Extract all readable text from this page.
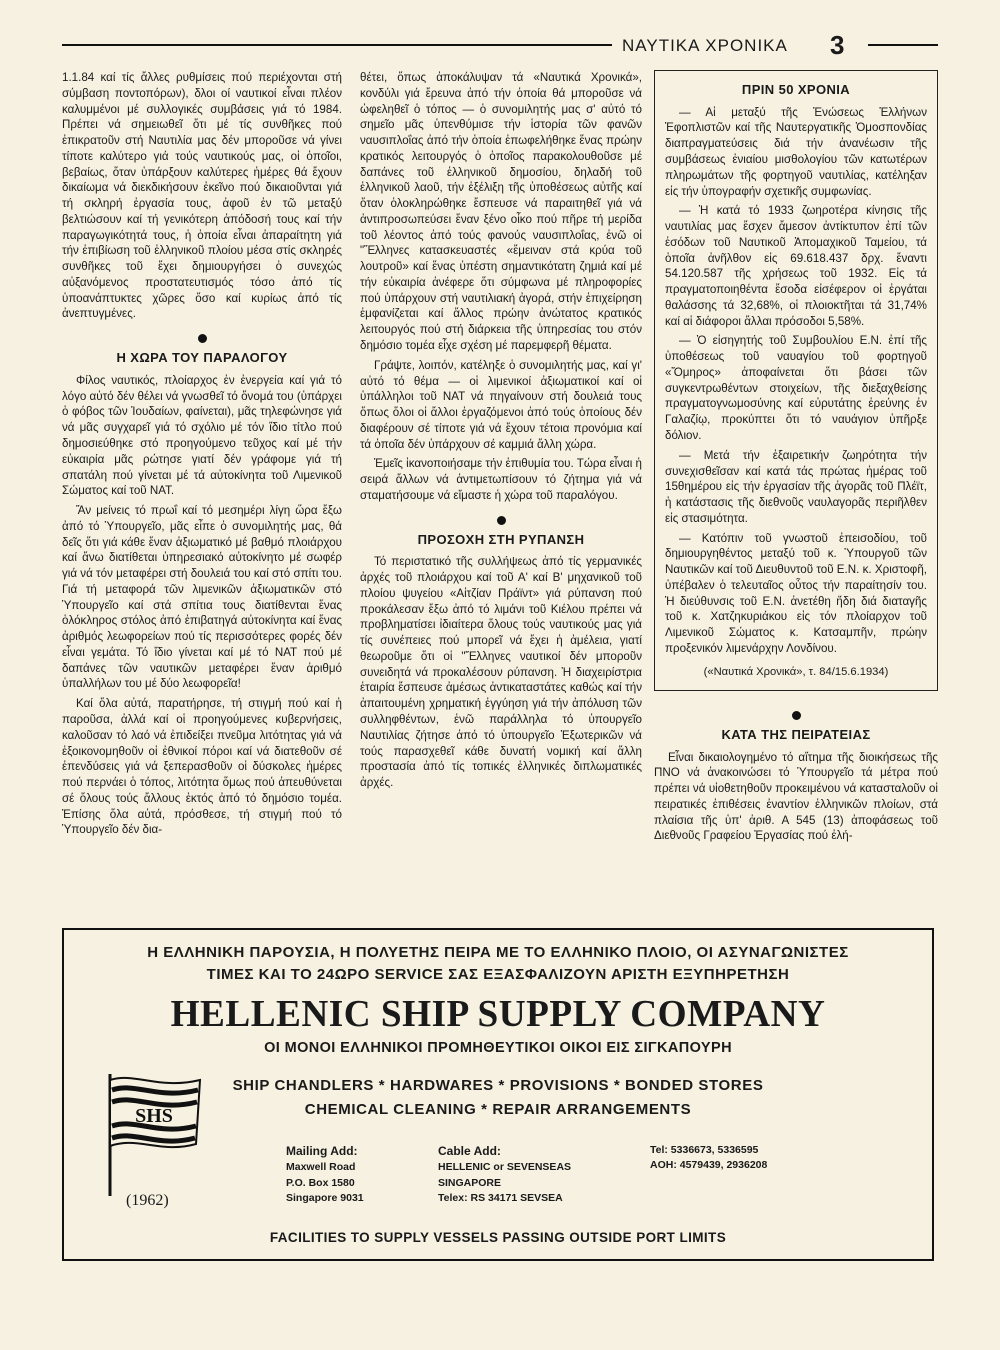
ΝΑΥΤΙΚΑ ΧΡΟΝΙΚΑ 3

1.1.84 καί τίς ἄλλες ρυθμίσεις πού περιέχονται στή σύμβαση ποντοπόρων), δλοι οί ναυτικοί εἶναι πλέον καλυμμένοι μέ συλλογικές συμβάσεις γιά τό 1984. Πρέπει νά σημειωθεῖ ὅτι μέ τίς συνθῆκες πού ἐπικρατοῦν στή Ναυτιλία μας δέν μποροῦσε νά γίνει τίποτε καλύτερο γιά τούς ναυτικούς μας, οἱ ὁποῖοι, βεβαίως, ὅταν ὑπάρξουν καλύτερες ἡμέρες θά ἔχουν δικαίωμα νά διεκδικήσουν ἐκεῖνο πού δικαιοῦνται γιά τή σκληρή ἐργασία τους, ἀφοῦ ἐν τῶ μεταξύ βελτιώσουν καί τή γενικότερη ἀπόδοσή τους καί τήν παραγωγικότητά τους, ἡ ὁποία εἶναι ἀπαραίτητη γιά τήν ἐπιβίωση τοῦ ἑλληνικοῦ πλοίου μέσα στίς σκληρές συνθῆκες τοῦ ἔχει δημιουργήσει ὁ συνεχώς αὐξανόμενος προστατευτισμός τόσο ἀπό τίς ὑποανάπτυκτες χῶρες ὅσο καί κυρίως ἀπό τίς ἀνεπτυγμένες.

Η ΧΩΡΑ ΤΟΥ ΠΑΡΑΛΟΓΟΥ

Φίλος ναυτικός, πλοίαρχος ἐν ἐνεργεία καί γιά τό λόγο αὐτό δέν θέλει νά γνωσθεῖ τό ὄνομά του (ὑπάρχει ὁ φόβος τῶν Ἰουδαίων, φαίνεται), μᾶς τηλεφώνησε γιά νά μᾶς συγχαρεῖ γιά τό σχόλιο μέ τόν ἴδιο τίτλο πού δημοσιεύθηκε στό προηγούμενο τεῦχος καί μέ τήν εὐκαιρία μᾶς ρώτησε γιατί δέν γράφομε γιά τή σπατάλη πού γίνεται μέ τά αὐτοκίνητα τοῦ Λιμενικοῦ Σώματος καί τοῦ ΝΑΤ.

Ἄν μείνεις τό πρωΐ καί τό μεσημέρι λίγη ὥρα ἔξω ἀπό τό Ὑπουργεῖο, μᾶς εἶπε ὁ συνομιλητής μας, θά δεῖς ὅτι γιά κάθε ἕναν ἀξιωματικό μέ βαθμό πλοιάρχου καί ἄνω διατίθεται ὑπηρεσιακό αὐτοκίνητο μέ σωφέρ γιά νά τόν μεταφέρει στή δουλειά του καί στό σπίτι του. Γιά τή μεταφορά τῶν λιμενικῶν ἀξιωματικῶν στό Ὑπουργεῖο καί στά σπίτια τους διατίθενται ἕνας ὁλόκληρος στόλος ἀπό ἐπιβατηγά αὐτοκίνητα καί ἕνας ἀριθμός λεωφορείων πού τίς περισσότερες φορές δέν εἶναι γεμάτα. Τό ἴδιο γίνεται καί μέ τό ΝΑΤ πού μέ δαπάνες τῶν ναυτικῶν μεταφέρει ἕναν ἀριθμό ὑπαλλήλων του μέ δύο λεωφορεῖα!

Καί ὅλα αὐτά, παρατήρησε, τή στιγμή πού καί ἡ παροῦσα, ἀλλά καί οἱ προηγούμενες κυβερνήσεις, καλοῦσαν τό λαό νά ἐπιδείξει πνεῦμα λιτότητας γιά νά ἐξοικονομηθοῦν οἱ ἐθνικοί πόροι καί νά διατεθοῦν σέ ἐπενδύσεις γιά νά ξεπερασθοῦν οἱ δύσκολες ἡμέρες πού περνάει ὁ τόπος, λιτότητα ὅμως πού ἀπευθύνεται σέ ὅλους τούς ἄλλους ἐκτός ἀπό τό δημόσιο τομέα. Ἐπίσης ὅλα αὐτά, πρόσθεσε, τή στιγμή πού τό Ὑπουργεῖο δέν δια-

θέτει, ὅπως ἀποκάλυψαν τά «Ναυτικά Χρονικά», κονδύλι γιά ἔρευνα ἀπό τήν ὁποία θά μποροῦσε νά ὠφεληθεῖ ὁ τόπος — ὁ συνομιλητής μας σ' αὐτό τό σημεῖο μᾶς ὑπενθύμισε τήν ἱστορία τῶν φανῶν ναυσιπλοΐας ἀπό τήν ὁποία ἐπωφελήθηκε ἕνας πρώην κρατικός λειτουργός ὁ ὁποῖος παρακολουθοῦσε μέ δαπάνες τοῦ ἑλληνικοῦ δημοσίου, δηλαδή τοῦ ἑλληνικοῦ λαοῦ, τήν ἐξέλιξη τῆς ὑποθέσεως αὐτῆς καί ὅταν ὁλοκληρώθηκε ἔσπευσε νά παραιτηθεῖ γιά νά ἀντιπροσωπεύσει ἕναν ξένο οἶκο πού πῆρε τή μερίδα τοῦ λέοντος ἀπό τούς φανούς ναυσιπλοΐας, ἐνῶ οἱ "Ἕλληνες κατασκευαστές «ἔμειναν στά κρύα τοῦ λουτροῦ» καί ἕνας ὑπέστη σημαντικότατη ζημιά καί μέ τήν εὐκαιρία ἀνέφερε ὅτι σύμφωνα μέ πληροφορίες πού ὑπάρχουν στή ναυτιλιακή ἀγορά, στήν ἐπιχείρηση ἐμφανίζεται καί ἄλλος πρώην ἀνώτατος κρατικός λειτουργός πού στή διάρκεια τῆς ὑπηρεσίας του στόν δημόσιο τομέα εἶχε σχέση μέ παρεμφερῆ θέματα.

Γράψτε, λοιπόν, κατέληξε ὁ συνομιλητής μας, καί γι' αὐτό τό θέμα — οἱ λιμενικοί ἀξιωματικοί καί οἱ ὑπάλληλοι τοῦ ΝΑΤ νά πηγαίνουν στή δουλειά τους ὅπως ὅλοι οἱ ἄλλοι ἐργαζόμενοι ἀπό τούς ὁποίους δέν διαφέρουν σέ τίποτε γιά νά ἔχουν τέτοια προνόμια καί τά ὁποῖα δέν ὑπάρχουν σέ καμμιά ἄλλη χώρα.

Ἐμεῖς ἱκανοποιήσαμε τήν ἐπιθυμία του. Τώρα εἶναι ἡ σειρά ἄλλων νά ἀντιμετωπίσουν τό ζήτημα γιά νά σταματήσουμε νά εἴμαστε ἡ χώρα τοῦ παραλόγου.

ΠΡΟΣΟΧΗ ΣΤΗ ΡΥΠΑΝΣΗ

Τό περιστατικό τῆς συλλήψεως ἀπό τίς γερμανικές ἀρχές τοῦ πλοιάρχου καί τοῦ Α' καί Β' μηχανικοῦ τοῦ πλοίου ψυγείου «Αἰτζίαν Πράϊντ» γιά ρύπανση πού προκάλεσαν ἔξω ἀπό τό λιμάνι τοῦ Κιέλου πρέπει νά προβληματίσει ἰδιαίτερα ὅλους τούς ναυτικούς μας γιά τίς συνέπειες πού μπορεῖ νά ἔχει ἡ ἀμέλεια, γιατί θεωροῦμε ὅτι οἱ "Ἕλληνες ναυτικοί δέν μποροῦν συνειδητά νά προκαλέσουν ρύπανση. Ἡ διαχειρίστρια ἑταιρία ἔσπευσε ἀμέσως ἀντικαταστάτες καθώς καί τήν ἀπαιτουμένη χρηματική ἐγγύηση γιά τήν ἀπόλυση τῶν συλληφθέντων, ἐνῶ παράλληλα τό ὑπουργεῖο Ναυτιλίας ζήτησε ἀπό τό ὑπουργεῖο Ἐξωτερικῶν νά τούς παρασχεθεῖ κάθε δυνατή νομική καί ἄλλη προστασία ἀπό τίς τοπικές ἑλληνικές διπλωματικές ἀρχές.

ΠΡΙΝ 50 ΧΡΟΝΙΑ

— Αἱ μεταξύ τῆς Ἑνώσεως Ἑλλήνων Ἐφοπλιστῶν καί τῆς Ναυτεργατικῆς Ὁμοσπονδίας διαπραγματεύσεις διά τήν ἀνανέωσιν τῆς συμβάσεως ἐνιαίου μισθολογίου τῶν κατωτέρων πληρωμάτων τῆς φορτηγοῦ ναυτιλίας, κατέληξαν εἰς τήν ὑπογραφήν σχετικῆς συμφωνίας.

— Ἡ κατά τό 1933 ζωηροτέρα κίνησις τῆς ναυτιλίας μας ἔσχεν ἄμεσον ἀντίκτυπον ἐπί τῶν ἐσόδων τοῦ Ναυτικοῦ Ἀπομαχικοῦ Ταμείου, τά ὁποῖα ἀνῆλθον εἰς 69.618.437 δρχ. ἔναντι 54.120.587 τῆς χρήσεως τοῦ 1932. Εἰς τά πραγματοποιηθέντα ἔσοδα εἰσέφερον οἱ ἐργάται θαλάσσης τά 32,68%, οἱ πλοιοκτῆται τά 31,74% καί αἱ διάφοροι ἄλλαι πρόσοδοι 5,58%.

— Ὁ εἰσηγητής τοῦ Συμβουλίου Ε.Ν. ἐπί τῆς ὑποθέσεως τοῦ ναυαγίου τοῦ φορτηγοῦ «Ὅμηρος» ἀποφαίνεται ὅτι βάσει τῶν συγκεντρωθέντων στοιχείων, τῆς διεξαχθείσης πραγματογνωμοσύνης καί εὐρυτάτης ἐρεύνης ἐν Γαλαζίῳ, προκύπτει ὅτι τό ναυάγιον ὑπῆρξε δόλιον.

— Μετά τήν ἐξαιρετικήν ζωηρότητα τήν συνεχισθεῖσαν καί κατά τάς πρώτας ἡμέρας τοῦ 15θημέρου εἰς τήν ἐργασίαν τῆς ἀγορᾶς τοῦ Πλέϊτ, ἡ κατάστασις τῆς διεθνοῦς ναυλαγορᾶς περιῆλθεν εἰς στασιμότητα.

— Κατόπιν τοῦ γνωστοῦ ἐπεισοδίου, τοῦ δημιουργηθέντος μεταξύ τοῦ κ. Ὑπουργοῦ τῶν Ναυτικῶν καί τοῦ Διευθυντοῦ τοῦ Ε.Ν. κ. Χριστοφῆ, ὑπέβαλεν ὁ τελευταῖος οὗτος τήν παραίτησίν του. Ἡ διεύθυνσις τοῦ Ε.Ν. ἀνετέθη ἤδη διά διαταγῆς τοῦ κ. Χατζηκυριάκου εἰς τόν πλοίαρχον τοῦ Λιμενικοῦ Σώματος κ. Κατσαμπῆν, πρώην προξενικόν λιμενάρχην Λονδίνου.

(«Ναυτικά Χρονικά», τ. 84/15.6.1934)
ΚΑΤΑ ΤΗΣ ΠΕΙΡΑΤΕΙΑΣ

Εἶναι δικαιολογημένο τό αἴτημα τῆς διοικήσεως τῆς ΠΝΟ νά ἀνακοινώσει τό Ὑπουργεῖο τά μέτρα πού πρέπει νά υἱοθετηθοῦν προκειμένου νά κατασταλοῦν οἱ πειρατικές ἐπιθέσεις ἐναντίον ἑλληνικῶν πλοίων, στά πλαίσια τῆς ὑπ' ἀριθ. Α 545 (13) ἀποφάσεως τοῦ Διεθνοῦς Γραφείου Ἐργασίας πού ἐλή-

Η ΕΛΛΗΝΙΚΗ ΠΑΡΟΥΣΙΑ, Η ΠΟΛΥΕΤΗΣ ΠΕΙΡΑ ΜΕ ΤΟ ΕΛΛΗΝΙΚΟ ΠΛΟΙΟ, ΟΙ ΑΣΥΝΑΓΩΝΙΣΤΕΣ
ΤΙΜΕΣ ΚΑΙ ΤΟ 24ΩΡΟ SERVICE ΣΑΣ ΕΞΑΣΦΑΛΙΖΟΥΝ ΑΡΙΣΤΗ ΕΞΥΠΗΡΕΤΗΣΗ
HELLENIC SHIP SUPPLY COMPANY
ΟΙ ΜΟΝΟΙ ΕΛΛΗΝΙΚΟΙ ΠΡΟΜΗΘΕΥΤΙΚΟΙ ΟΙΚΟΙ ΕΙΣ ΣΙΓΚΑΠΟΥΡΗ
SHS
(1962)
SHIP CHANDLERS * HARDWARES * PROVISIONS * BONDED STORES
CHEMICAL CLEANING * REPAIR ARRANGEMENTS
Mailing Add:
Maxwell Road
P.O. Box 1580
Singapore 9031
Cable Add:
HELLENIC or SEVENSEAS
SINGAPORE
Telex: RS 34171 SEVSEA
Tel: 5336673, 5336595
AOH: 4579439, 2936208
FACILITIES TO SUPPLY VESSELS PASSING OUTSIDE PORT LIMITS
